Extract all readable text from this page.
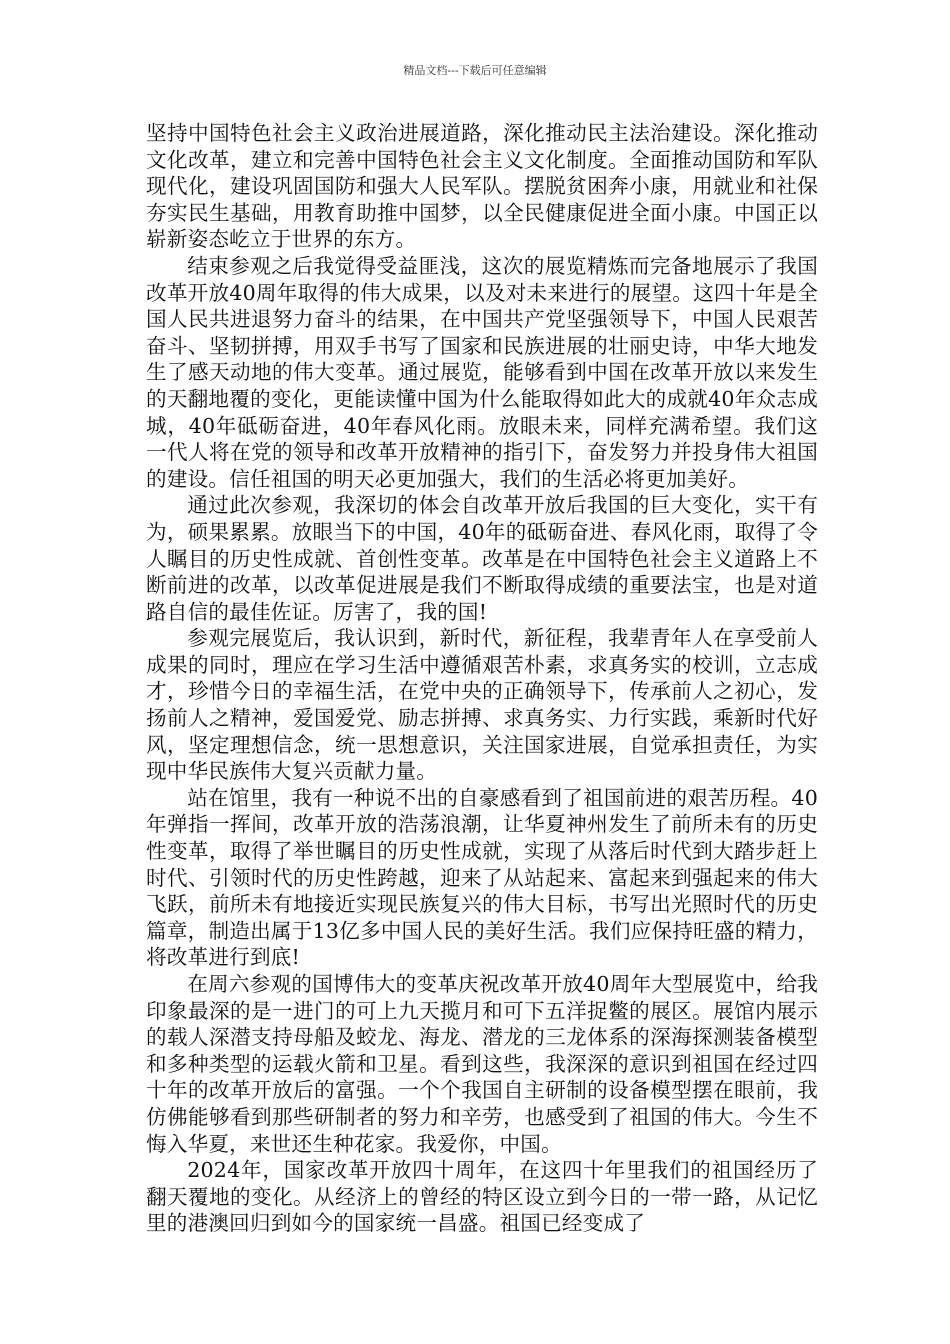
精品文档---下载后可任意编辑

坚持中国特色社会主义政治进展道路，深化推动民主法治建设。深化推动文化改革，建立和完善中国特色社会主义文化制度。全面推动国防和军队现代化，建设巩固国防和强大人民军队。摆脱贫困奔小康，用就业和社保夯实民生基础，用教育助推中国梦，以全民健康促进全面小康。中国正以崭新姿态屹立于世界的东方。

结束参观之后我觉得受益匪浅，这次的展览精炼而完备地展示了我国改革开放40周年取得的伟大成果，以及对未来进行的展望。这四十年是全国人民共进退努力奋斗的结果，在中国共产党坚强领导下，中国人民艰苦奋斗、坚韧拼搏，用双手书写了国家和民族进展的壮丽史诗，中华大地发生了感天动地的伟大变革。通过展览，能够看到中国在改革开放以来发生的天翻地覆的变化，更能读懂中国为什么能取得如此大的成就40年众志成城，40年砥砺奋进，40年春风化雨。放眼未来，同样充满希望。我们这一代人将在党的领导和改革开放精神的指引下，奋发努力并投身伟大祖国的建设。信任祖国的明天必更加强大，我们的生活必将更加美好。

通过此次参观，我深切的体会自改革开放后我国的巨大变化，实干有为，硕果累累。放眼当下的中国，40年的砥砺奋进、春风化雨，取得了令人瞩目的历史性成就、首创性变革。改革是在中国特色社会主义道路上不断前进的改革，以改革促进展是我们不断取得成绩的重要法宝，也是对道路自信的最佳佐证。厉害了，我的国!

参观完展览后，我认识到，新时代，新征程，我辈青年人在享受前人成果的同时，理应在学习生活中遵循艰苦朴素，求真务实的校训，立志成才，珍惜今日的幸福生活，在党中央的正确领导下，传承前人之初心，发扬前人之精神，爱国爱党、励志拼搏、求真务实、力行实践，乘新时代好风，坚定理想信念，统一思想意识，关注国家进展，自觉承担责任，为实现中华民族伟大复兴贡献力量。

站在馆里，我有一种说不出的自豪感看到了祖国前进的艰苦历程。40年弹指一挥间，改革开放的浩荡浪潮，让华夏神州发生了前所未有的历史性变革，取得了举世瞩目的历史性成就，实现了从落后时代到大踏步赶上时代、引领时代的历史性跨越，迎来了从站起来、富起来到强起来的伟大飞跃，前所未有地接近实现民族复兴的伟大目标，书写出光照时代的历史篇章，制造出属于13亿多中国人民的美好生活。我们应保持旺盛的精力，将改革进行到底!

在周六参观的国博伟大的变革庆祝改革开放40周年大型展览中，给我印象最深的是一进门的可上九天揽月和可下五洋捉鳖的展区。展馆内展示的载人深潜支持母船及蛟龙、海龙、潜龙的三龙体系的深海探测装备模型和多种类型的运载火箭和卫星。看到这些，我深深的意识到祖国在经过四十年的改革开放后的富强。一个个我国自主研制的设备模型摆在眼前，我仿佛能够看到那些研制者的努力和辛劳，也感受到了祖国的伟大。今生不悔入华夏，来世还生种花家。我爱你，中国。

2024年，国家改革开放四十周年，在这四十年里我们的祖国经历了翻天覆地的变化。从经济上的曾经的特区设立到今日的一带一路，从记忆里的港澳回归到如今的国家统一昌盛。祖国已经变成了
